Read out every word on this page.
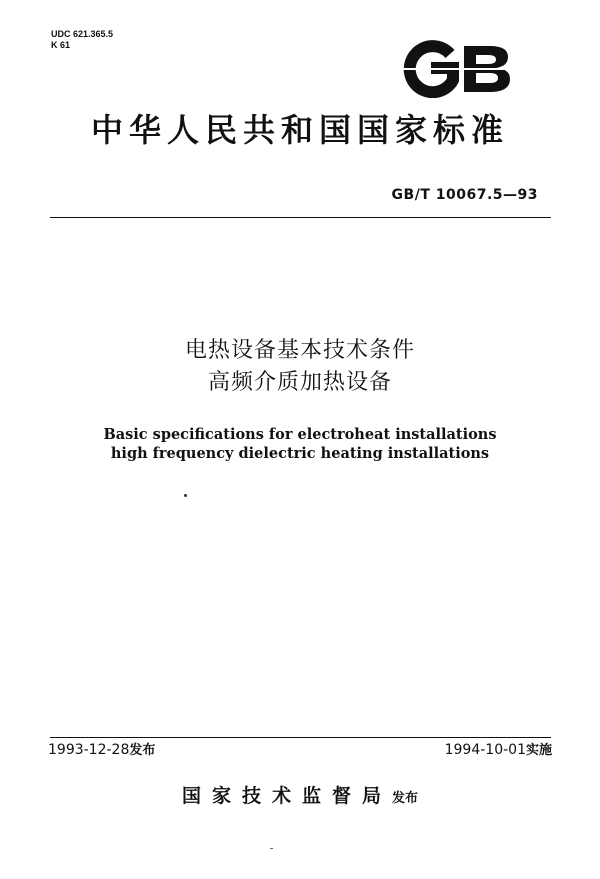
UDC 621.365.5
K 61
中华人民共和国国家标准
GB/T 10067.5—93
电热设备基本技术条件
高频介质加热设备
Basic specifications for electroheat installations
high frequency dielectric heating installations
1993-12-28发布	1994-10-01实施
国家技术监督局发布
